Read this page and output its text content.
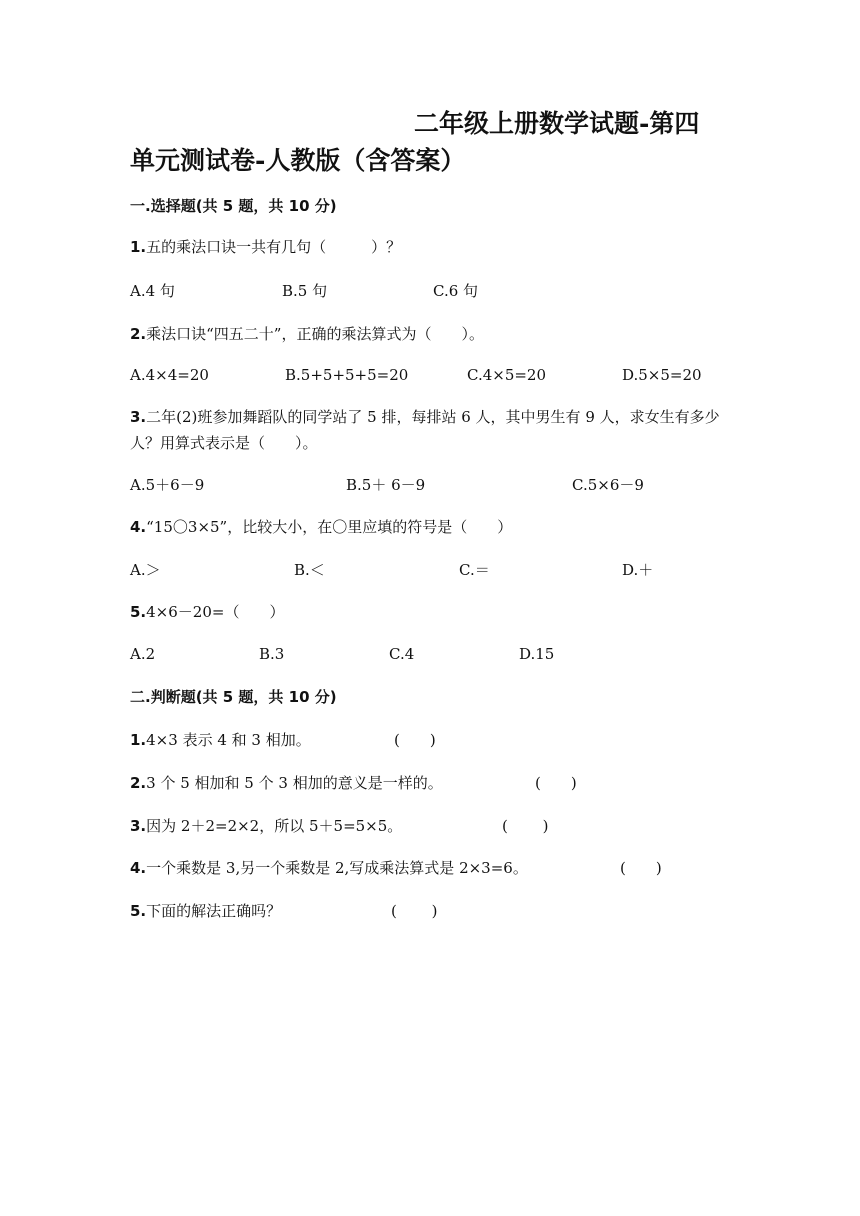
二年级上册数学试题-第四
单元测试卷-人教版（含答案）
一.选择题(共 5 题，共 10 分)
1.五的乘法口诀一共有几句（　　　）？
A.4 句	B.5 句	C.6 句
2.乘法口诀“四五二十”，正确的乘法算式为（　　）。
A.4×4=20	B.5+5+5+5=20	C.4×5=20	D.5×5=20
3.二年(2)班参加舞蹈队的同学站了 5 排，每排站 6 人，其中男生有 9 人，求女生有多少人？用算式表示是（　　）。
A.5＋6－9	B.5＋ 6－9	C.5×6－9
4.“15〇3×5”，比较大小，在〇里应填的符号是（　　）
A.＞	B.＜	C.＝	D.＋
5.4×6－20=（　　）
A.2	B.3	C.4	D.15
二.判断题(共 5 题，共 10 分)
1.4×3 表示 4 和 3 相加。	(　　)
2.3 个 5 相加和 5 个 3 相加的意义是一样的。	(　　)
3.因为 2＋2=2×2，所以 5＋5=5×5。	(　　 )
4.一个乘数是 3,另一个乘数是 2,写成乘法算式是 2×3=6。	(　　)
5.下面的解法正确吗？	(　　 )
